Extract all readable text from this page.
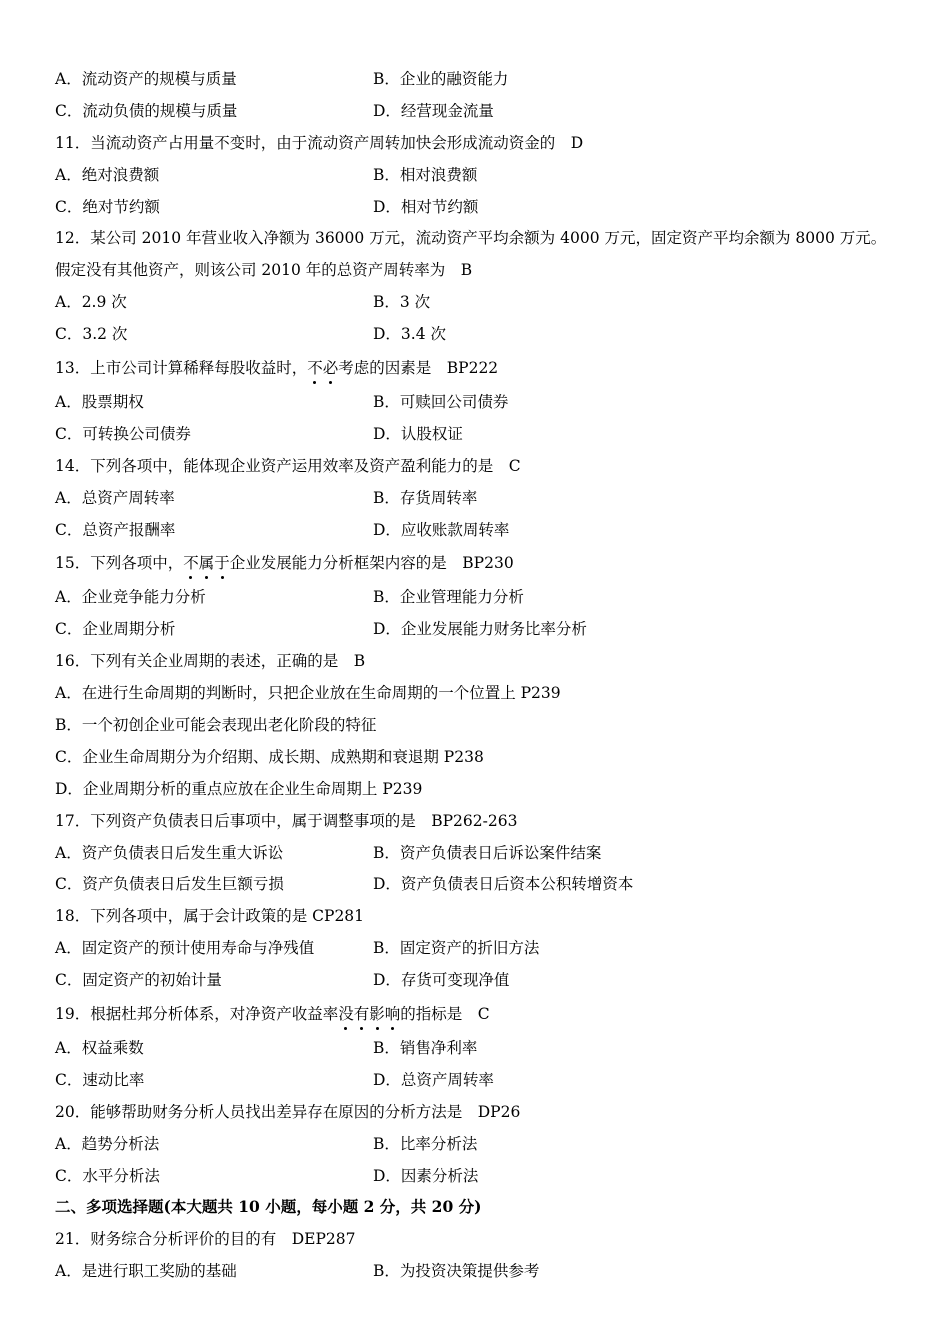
A．流动资产的规模与质量	B．企业的融资能力
C．流动负债的规模与质量	D．经营现金流量
11．当流动资产占用量不变时，由于流动资产周转加快会形成流动资金的　D
A．绝对浪费额	B．相对浪费额
C．绝对节约额	D．相对节约额
12．某公司 2010 年营业收入净额为 36000 万元，流动资产平均余额为 4000 万元，固定资产平均余额为 8000 万元。
假定没有其他资产，则该公司 2010 年的总资产周转率为　B
A．2.9 次	B．3 次
C．3.2 次	D．3.4 次
13．上市公司计算稀释每股收益时， 不必 考虑的因素是　BP222
A．股票期权	B．可赎回公司债券
C．可转换公司债券	D．认股权证
14．下列各项中，能体现企业资产运用效率及资产盈利能力的是　C
A．总资产周转率	B．存货周转率
C．总资产报酬率	D．应收账款周转率
15．下列各项中， 不属于 企业发展能力分析框架内容的是　BP230
A．企业竞争能力分析	B．企业管理能力分析
C．企业周期分析	D．企业发展能力财务比率分析
16．下列有关企业周期的表述，正确的是　B
A．在进行生命周期的判断时，只把企业放在生命周期的一个位置上 P239
B．一个初创企业可能会表现出老化阶段的特征
C．企业生命周期分为介绍期、成长期、成熟期和衰退期 P238
D．企业周期分析的重点应放在企业生命周期上 P239
17．下列资产负债表日后事项中，属于调整事项的是　BP262-263
A．资产负债表日后发生重大诉讼	B．资产负债表日后诉讼案件结案
C．资产负债表日后发生巨额亏损	D．资产负债表日后资本公积转增资本
18．下列各项中，属于会计政策的是 CP281
A．固定资产的预计使用寿命与净残值	B．固定资产的折旧方法
C．固定资产的初始计量	D．存货可变现净值
19．根据杜邦分析体系，对净资产收益率 没有影响 的指标是　C
A．权益乘数	B．销售净利率
C．速动比率	D．总资产周转率
20．能够帮助财务分析人员找出差异存在原因的分析方法是　DP26
A．趋势分析法	B．比率分析法
C．水平分析法	D．因素分析法
二、多项选择题(本大题共 10 小题，每小题 2 分，共 20 分)
21．财务综合分析评价的目的有　DEP287
A．是进行职工奖励的基础	B．为投资决策提供参考
